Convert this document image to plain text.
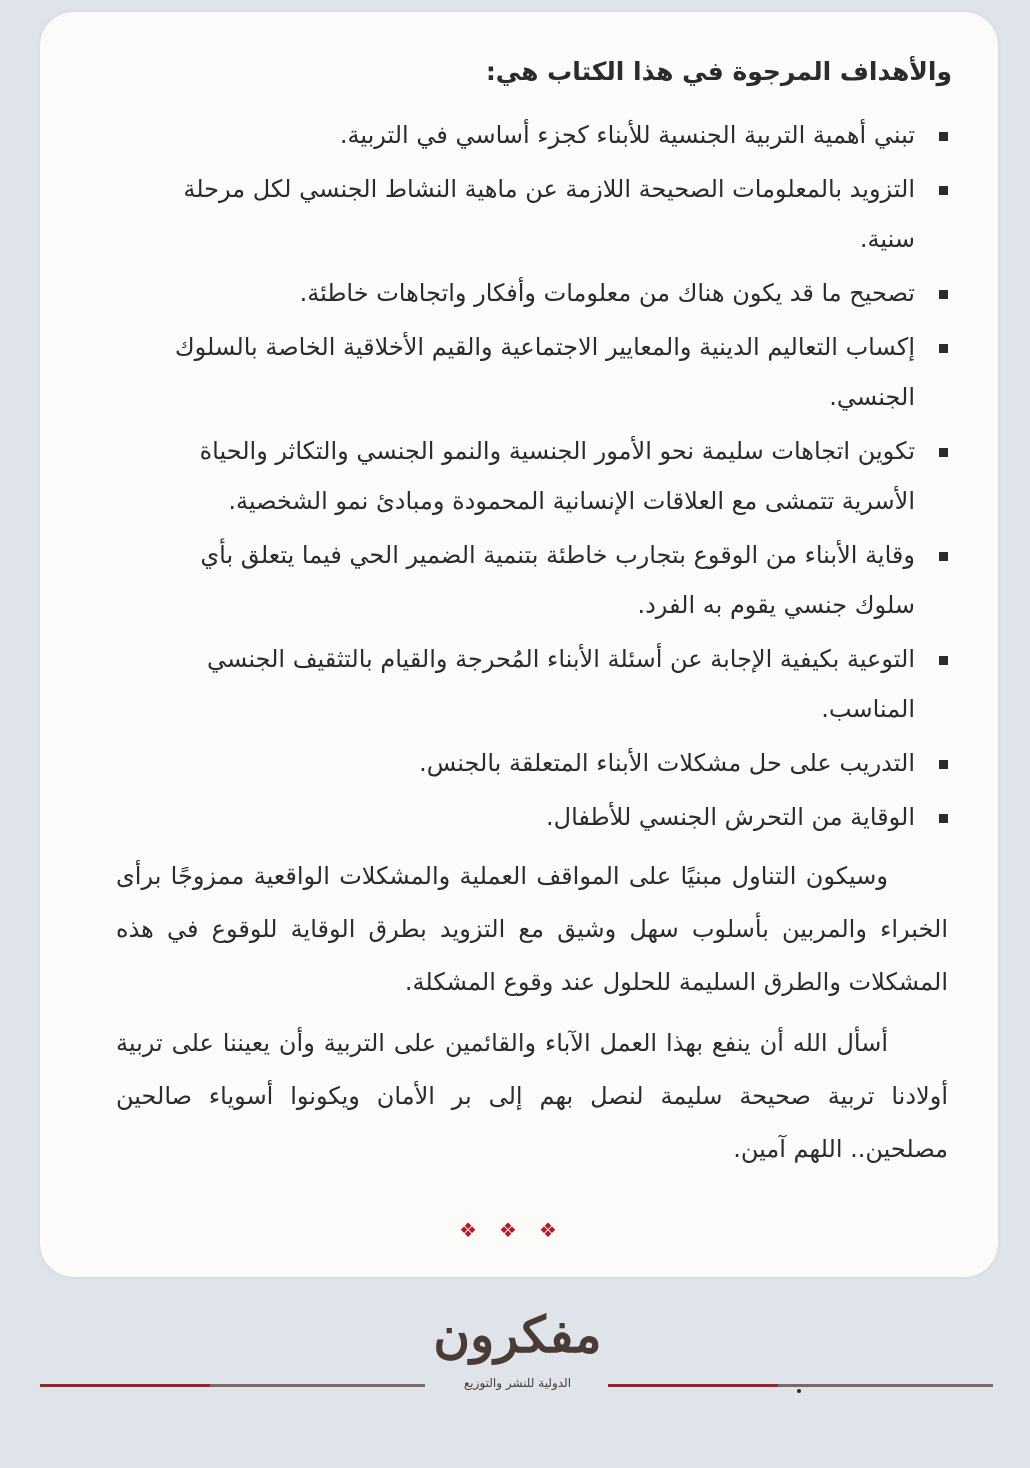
والأهداف المرجوة في هذا الكتاب هي:
تبني أهمية التربية الجنسية للأبناء كجزء أساسي في التربية.
التزويد بالمعلومات الصحيحة اللازمة عن ماهية النشاط الجنسي لكل مرحلة سنية.
تصحيح ما قد يكون هناك من معلومات وأفكار واتجاهات خاطئة.
إكساب التعاليم الدينية والمعايير الاجتماعية والقيم الأخلاقية الخاصة بالسلوك الجنسي.
تكوين اتجاهات سليمة نحو الأمور الجنسية والنمو الجنسي والتكاثر والحياة الأسرية تتمشى مع العلاقات الإنسانية المحمودة ومبادئ نمو الشخصية.
وقاية الأبناء من الوقوع بتجارب خاطئة بتنمية الضمير الحي فيما يتعلق بأي سلوك جنسي يقوم به الفرد.
التوعية بكيفية الإجابة عن أسئلة الأبناء المُحرجة والقيام بالتثقيف الجنسي المناسب.
التدريب على حل مشكلات الأبناء المتعلقة بالجنس.
الوقاية من التحرش الجنسي للأطفال.

وسيكون التناول مبنيًا على المواقف العملية والمشكلات الواقعية ممزوجًا برأى الخبراء والمربين بأسلوب سهل وشيق مع التزويد بطرق الوقاية للوقوع في هذه المشكلات والطرق السليمة للحلول عند وقوع المشكلة.

أسأل الله أن ينفع بهذا العمل الآباء والقائمين على التربية وأن يعيننا على تربية أولادنا تربية صحيحة سليمة لنصل بهم إلى بر الأمان ويكونوا أسوياء صالحين مصلحين.. اللهم آمين.

❖❖❖
مفكرون
الدولية للنشر والتوزيع
